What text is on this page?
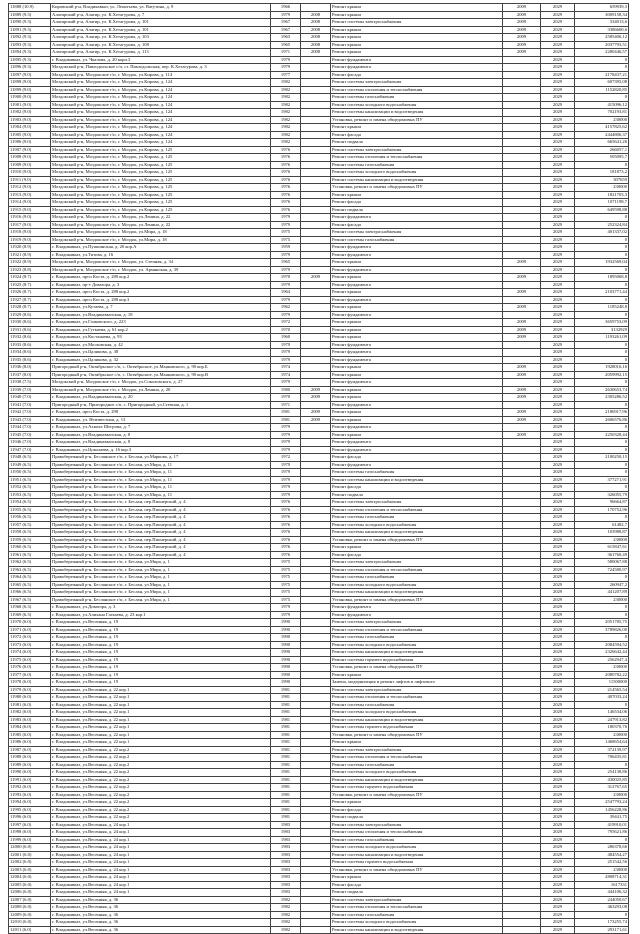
11888 (10.9)	Кировский р-н, Владикавказ, ул. Леонтьева, ул. Ватутина, д. 9	1966		Ремонт крыши	2009	2029	659939,3
11889 (9.3)	Алагирский р-н, Алагир, ул. К.Хетагурова, д. 7	1979	2008	Ремонт крыши	2009	2029	3009158,34
11890 (9.3)	Алагирский р-н, Алагир, ул. К.Хетагурова, д. 101	1967	2008	Ремонт системы электроснабжения	2009	2029	334013,6
11891 (9.3)	Алагирский р-н, Алагир, ул. К.Хетагурова, д. 101	1967	2008	Ремонт крыши	2009	2029	3386600,6
11892 (9.3)	Алагирский р-н, Алагир, ул. К.Хетагурова, д. 103	1963	2008	Ремонт крыши	2009	2029	2585406,12
11893 (9.3)	Алагирский р-н, Алагир, ул. К.Хетагурова, д. 108	1965	2008	Ремонт крыши	2009	2029	2037793,51
11894 (9.3)	Алагирский р-н, Алагир, ул. К.Хетагурова, д. 113	1971	2008	Ремонт крыши	2009	2029	2280446,57
11895 (9.3)	г. Владикавказ, ул. Чкалова, д. 20 корп.3	1979		Ремонт фундамента		2029	0
11896 (9.3)	Моздокский р-н, Павлодольское с/п, ст. Павлодольская, пер. К.Хетагурова, д. 3	1979		Ремонт фундамента		2029	0
11897 (9.0)	Моздокский р-н, Моздокское г/п, г. Моздок, ул.Кирова, д. 114	1977		Ремонт фасада		2029	2178437,21
11898 (9.0)	Моздокский р-н, Моздокское г/п, г. Моздок, ул.Кирова, д. 124	1982		Ремонт системы электроснабжения		2029	607395,08
11899 (9.0)	Моздокский р-н, Моздокское г/п, г. Моздок, ул.Кирова, д. 124	1982		Ремонт системы отопления и теплоснабжения		2029	1152820,85
11900 (9.0)	Моздокский р-н, Моздокское г/п, г. Моздок, ул.Кирова, д. 124	1982		Ремонт системы газоснабжения		2029	0
11901 (9.0)	Моздокский р-н, Моздокское г/п, г. Моздок, ул.Кирова, д. 124	1982		Ремонт системы холодного водоснабжения		2029	415096,12
11902 (9.0)	Моздокский р-н, Моздокское г/п, г. Моздок, ул.Кирова, д. 124	1982		Ремонт системы канализации и водоотведения		2029	702193,81
11903 (9.0)	Моздокский р-н, Моздокское г/п, г. Моздок, ул.Кирова, д. 124	1982		Установка, ремонт и замена общедомовых ПУ		2029	230000
11904 (9.0)	Моздокский р-н, Моздокское г/п, г. Моздок, ул.Кирова, д. 124	1982		Ремонт крыши		2029	4157825,62
11905 (9.0)	Моздокский р-н, Моздокское г/п, г. Моздок, ул.Кирова, д. 124	1982		Ремонт фасада		2029	2444806,37
11906 (9.0)	Моздокский р-н, Моздокское г/п, г. Моздок, ул.Кирова, д. 124	1982		Ремонт подвала		2029	665641,26
11907 (9.0)	Моздокский р-н, Моздокское г/п, г. Моздок, ул.Кирова, д. 125	1976		Ремонт системы электроснабжения		2029	266057,1
11908 (9.0)	Моздокский р-н, Моздокское г/п, г. Моздок, ул.Кирова, д. 125	1976		Ремонт системы отопления и теплоснабжения		2029	505095,7
11909 (9.0)	Моздокский р-н, Моздокское г/п, г. Моздок, ул.Кирова, д. 125	1976		Ремонт системы газоснабжения		2029	0
11910 (9.0)	Моздокский р-н, Моздокское г/п, г. Моздок, ул.Кирова, д. 125	1976		Ремонт системы холодного водоснабжения		2029	181873,2
11911 (9.0)	Моздокский р-н, Моздокское г/п, г. Моздок, ул.Кирова, д. 125	1976		Ремонт системы канализации и водоотведения		2029	307659
11912 (9.0)	Моздокский р-н, Моздокское г/п, г. Моздок, ул.Кирова, д. 125	1976		Установка, ремонт и замена общедомовых ПУ		2029	230000
11913 (9.0)	Моздокский р-н, Моздокское г/п, г. Моздок, ул.Кирова, д. 125	1976		Ремонт крыши		2029	1821703,3
11914 (9.0)	Моздокский р-н, Моздокское г/п, г. Моздок, ул.Кирова, д. 125	1976		Ремонт фасада		2029	1071198,7
11915 (9.0)	Моздокский р-н, Моздокское г/п, г. Моздок, ул.Кирова, д. 125	1976		Ремонт подвала		2029	649598,88
11916 (9.0)	Моздокский р-н, Моздокское г/п, г. Моздок, ул.Ленина, д. 22	1979		Ремонт фундамента		2029	0
11917 (9.0)	Моздокский р-н, Моздокское г/п, г. Моздок, ул.Ленина, д. 22	1979		Ремонт фасада		2029	252324,84
11918 (9.0)	Моздокский р-н, Моздокское г/п, г. Моздок, ул.Мира, д. 18	1975		Ремонт системы электроснабжения		2029	401337,02
11919 (9.0)	Моздокский р-н, Моздокское г/п, г. Моздок, ул.Мира, д. 18	1975		Ремонт системы газоснабжения		2029	0
11920 (8.9)	г. Владикавказ, ул.Пушкинская, д. 20 кор.А	1959		Ремонт фундамента		2029	0
11921 (8.9)	г. Владикавказ, ул.Титова, д. 16	1979		Ремонт фундамента		2029	0
11922 (8.9)	Моздокский р-н, Моздокское г/п, г. Моздок, ул. Степная, д. 34	1965		Ремонт крыши	2009	2029	1932569,04
11923 (8.8)	Моздокский р-н, Моздокское г/п, г. Моздок, ул. Армянская, д. 39	1979		Ремонт фундамента		2029	0
11924 (8.7)	г. Владикавказ, прсп Коста, д. 280 кор.2	1970	2009	Ремонт крыши	2009	2029	1895068,8
11925 (8.7)	г. Владикавказ, пр-т Доватора, д. 3	1979		Ремонт фундамента		2029	0
11926 (8.7)	г. Владикавказ, прсп Коста, д. 288 кор.2	1964		Ремонт крыши	2009	2029	2103771,44
11927 (8.7)	г. Владикавказ, прсп Коста, д. 288 кор.3	1979		Ремонт фундамента		2029	0
11928 (8.7)	г. Владикавказ, ул.Кутаева, д. 7	1962		Ремонт крыши	2009	2029	1185248,8
11929 (8.6)	г. Владикавказ, ул.Владикавказская, д. 18	1979		Ремонт фундамента		2029	0
11930 (8.6)	г. Владикавказ, ул.Галковского, д. 223	1972		Ремонт крыши	2009	2029	3659753,09
11931 (8.6)	г. Владикавказ, ул.Гугкаева, д. 61 кор.2	1970		Ремонт крыши	2009	2029	3132929
11932 (8.6)	г. Владикавказ, ул.Костанаева, д. 93	1960		Ремонт крыши	2009	2029	1193261,09
11933 (8.6)	г. Владикавказ, ул.Московская, д. 42	1979		Ремонт фундамента		2029	0
11934 (8.6)	г. Владикавказ, ул.Цаликова, д. 38	1979		Ремонт фундамента		2029	0
11935 (8.6)	г. Владикавказ, ул.Цаликова, д. 32	1979		Ремонт фундамента		2029	0
11936 (8.0)	Пригородный р-н, Октябрьское с/п, с. Октябрьское, ул.Маяковского, д. 90 кор.Б	1974		Ремонт крыши	2009	2029	1928016,16
11937 (8.0)	Пригородный р-н, Октябрьское с/п, с. Октябрьское, ул.Маяковского, д. 90 кор.В	1974		Ремонт крыши	2009	2029	2059992,15
11938 (7.5)	Моздокский р-н, Моздокское г/п, г. Моздок, ул.Соколовского, д. 27	1979		Ремонт фундамента		2029	0
11939 (7.0)	Моздокский р-н, Моздокское г/п, г. Моздок, ул.Ленина, д. 20	1980	2009	Ремонт крыши	2009	2029	2630653,74
11940 (7.0)	г. Владикавказ, ул.Владикавказская, д. 20	1970	2009	Ремонт крыши	2009	2029	2305286,52
11941 (7.0)	Пригородный р-н, Пригородное с/п, с. Пригородный, ул.Степная, д. 1	1971		Ремонт фундамента		2029	0
11942 (7.0)	г. Владикавказ, прсп Коста, д. 298	1981	2009	Ремонт крыши	2009	2029	2186917,96
11943 (7.0)	г. Владикавказ, ул. Неизвестная, д. 13	1981	2009	Ремонт крыши	2009	2029	2606576,86
11944 (7.0)	г. Владикавказ, ул.Ахмата Шегрова, д. 7	1979		Ремонт фундамента		2029	0
11945 (7.0)	г. Владикавказ, ул.Владикавказская, д. 8	1979		Ремонт крыши	2009	2029	2250328,44
11946 (7.0)	г. Владикавказ, ул.Владикавказская, д. 8	1979		Ремонт фундамента		2029	0
11947 (7.0)	г. Владикавказ, ул.Цоколаева, д. 16 кор.3	1979		Ремонт фундамента		2029	0
11948 (6.5)	Правобережный р-н, Бесланское г/п, г. Беслан, ул.Маркова, д. 17	1972		Ремонт фасада		2029	2100250,15
11949 (6.5)	Правобережный р-н, Бесланское г/п, г. Беслан, ул.Мира, д. 11	1979		Ремонт фундамента		2029	0
11950 (6.5)	Правобережный р-н, Бесланское г/п, г. Беслан, ул.Мира, д. 11	1979		Ремонт системы газоснабжения		2029	0
11951 (6.5)	Правобережный р-н, Бесланское г/п, г. Беслан, ул.Мира, д. 11	1979		Ремонт системы канализации и водоотведения		2029	377271,91
11952 (6.5)	Правобережный р-н, Бесланское г/п, г. Беслан, ул.Мира, д. 11	1979		Ремонт фасада		2029	0
11953 (6.5)	Правобережный р-н, Бесланское г/п, г. Беслан, ул.Мира, д. 11	1979		Ремонт подвала		2029	326055,79
11954 (6.5)	Правобережный р-н, Бесланское г/п, г. Беслан, пер.Пионерский, д. 4	1976		Ремонт системы электроснабжения		2029	96664,87
11955 (6.5)	Правобережный р-н, Бесланское г/п, г. Беслан, пер.Пионерский, д. 4	1976		Ремонт системы отопления и теплоснабжения		2029	170752,96
11956 (6.5)	Правобережный р-н, Бесланское г/п, г. Беслан, пер.Пионерский, д. 4	1976		Ремонт системы газоснабжения		2029	0
11957 (6.5)	Правобережный р-н, Бесланское г/п, г. Беслан, пер.Пионерский, д. 4	1976		Ремонт системы холодного водоснабжения		2029	61482,7
11958 (6.5)	Правобережный р-н, Бесланское г/п, г. Беслан, пер.Пионерский, д. 4	1976		Ремонт системы канализации и водоотведения		2029	103988,87
11959 (6.5)	Правобережный р-н, Бесланское г/п, г. Беслан, пер.Пионерский, д. 4	1976		Установка, ремонт и замена общедомовых ПУ		2029	230000
11960 (6.5)	Правобережный р-н, Бесланское г/п, г. Беслан, пер.Пионерский, д. 4	1976		Ремонт крыши		2029	615847,61
11961 (6.5)	Правобережный р-н, Бесланское г/п, г. Беслан, пер.Пионерский, д. 4	1976		Ремонт фасада		2029	361760,49
11962 (6.5)	Правобережный р-н, Бесланское г/п, г. Беслан, ул.Мира, д. 1	1975		Ремонт системы электроснабжения		2029	580067,88
11963 (6.5)	Правобережный р-н, Бесланское г/п, г. Беслан, ул.Мира, д. 1	1975		Ремонт системы отопления и теплоснабжения		2029	724580,97
11964 (6.5)	Правобережный р-н, Бесланское г/п, г. Беслан, ул.Мира, д. 1	1975		Ремонт системы газоснабжения		2029	0
11965 (6.5)	Правобережный р-н, Бесланское г/п, г. Беслан, ул.Мира, д. 1	1975		Ремонт системы холодного водоснабжения		2029	260947,2
11966 (6.5)	Правобережный р-н, Бесланское г/п, г. Беслан, ул.Мира, д. 1	1975		Ремонт системы канализации и водоотведения		2029	441207,89
11967 (6.5)	Правобережный р-н, Бесланское г/п, г. Беслан, ул.Мира, д. 1	1975		Установка, ремонт и замена общедомовых ПУ		2029	230000
11968 (6.3)	г. Владикавказ, ул.Доватора, д. 3	1979		Ремонт фундамента		2029	0
11969 (6.3)	г. Владикавказ, ул.Алихана Гагкаева, д. 23 кор.1	1979		Ремонт фундамента		2029	0
11970 (6.0)	г. Владикавказ, ул.Весенняя, д. 19	1990		Ремонт системы электроснабжения		2029	2051785,75
11971 (6.0)	г. Владикавказ, ул.Весенняя, д. 19	1990		Ремонт системы отопления и теплоснабжения		2029	3789826,00
11972 (6.0)	г. Владикавказ, ул.Весенняя, д. 19	1990		Ремонт системы газоснабжения		2029	0
11973 (6.0)	г. Владикавказ, ул.Весенняя, д. 19	1990		Ремонт системы холодного водоснабжения		2029	2084594,52
11974 (6.0)	г. Владикавказ, ул.Весенняя, д. 19	1990		Ремонт системы канализации и водоотведения		2029	2326642,44
11975 (6.0)	г. Владикавказ, ул.Весенняя, д. 19	1990		Ремонт системы горячего водоснабжения		2029	2562947,4
11976 (6.0)	г. Владикавказ, ул.Весенняя, д. 19	1990		Установка, ремонт и замена общедомовых ПУ		2029	230000
11977 (6.0)	г. Владикавказ, ул.Весенняя, д. 19	1990		Ремонт крыши		2029	2080782,22
11978 (6.0)	г. Владикавказ, ул.Весенняя, д. 19	1990		Замена, модернизация и ремонт лифтов и лифтового		2029	11500000
11979 (6.0)	г. Владикавказ, ул.Весенняя, д. 22 кор.1	1981		Ремонт системы электроснабжения		2029	214565,54
11980 (6.0)	г. Владикавказ, ул.Весенняя, д. 22 кор.1	1981		Ремонт системы отопления и теплоснабжения		2029	407033,24
11981 (6.0)	г. Владикавказ, ул.Весенняя, д. 22 кор.1	1981		Ремонт системы газоснабжения		2029	0
11982 (6.0)	г. Владикавказ, ул.Весенняя, д. 22 кор.1	1981		Ремонт системы холодного водоснабжения		2029	146534,06
11983 (6.0)	г. Владикавказ, ул.Весенняя, д. 22 кор.1	1981		Ремонт системы канализации и водоотведения		2029	247913,82
11984 (6.0)	г. Владикавказ, ул.Весенняя, д. 22 кор.1	1981		Ремонт системы горячего водоснабжения		2029	180370,76
11985 (6.0)	г. Владикавказ, ул.Весенняя, д. 22 кор.1	1981		Установка, ремонт и замена общедомовых ПУ		2029	230000
11986 (6.0)	г. Владикавказ, ул.Весенняя, д. 22 кор.1	1981		Ремонт крыши		2029	1468654,64
11987 (6.0)	г. Владикавказ, ул.Весенняя, д. 22 кор.2	1981		Ремонт системы электроснабжения		2029	372139,97
11988 (6.0)	г. Владикавказ, ул.Весенняя, д. 22 кор.2	1981		Ремонт системы отопления и теплоснабжения		2029	706435,81
11989 (6.0)	г. Владикавказ, ул.Весенняя, д. 22 кор.2	1981		Ремонт системы газоснабжения		2029	0
11990 (6.0)	г. Владикавказ, ул.Весенняя, д. 22 кор.2	1981		Ремонт системы холодного водоснабжения		2029	254138,86
11991 (6.0)	г. Владикавказ, ул.Весенняя, д. 22 кор.2	1981		Ремонт системы канализации и водоотведения		2029	430025,85
11992 (6.0)	г. Владикавказ, ул.Весенняя, д. 22 кор.2	1981		Ремонт системы горячего водоснабжения		2029	312767,65
11993 (6.0)	г. Владикавказ, ул.Весенняя, д. 22 кор.2	1981		Установка, ремонт и замена общедомовых ПУ		2029	230000
11994 (6.0)	г. Владикавказ, ул.Весенняя, д. 22 кор.2	1981		Ремонт крыши		2029	2547793,24
11995 (6.0)	г. Владикавказ, ул.Весенняя, д. 22 кор.2	1981		Ремонт фасада		2029	1456228,86
11996 (6.0)	г. Владикавказ, ул.Весенняя, д. 22 кор.2	1981		Ремонт подвала		2029	39441,75
11997 (6.0)	г. Владикавказ, ул.Весенняя, д. 24 кор.1	1983		Ремонт системы электроснабжения		2029	419910,01
11998 (6.0)	г. Владикавказ, ул.Весенняя, д. 24 кор.1	1983		Ремонт системы отопления и теплоснабжения		2029	795621,86
11999 (6.0)	г. Владикавказ, ул.Весенняя, д. 24 кор.1	1983		Ремонт системы газоснабжения		2029	0
12000 (6.0)	г. Владикавказ, ул.Весенняя, д. 24 кор.1	1983		Ремонт системы холодного водоснабжения		2029	286378,66
12001 (6.0)	г. Владикавказ, ул.Весенняя, д. 24 кор.1	1983		Ремонт системы канализации и водоотведения		2029	484554,27
12002 (6.0)	г. Владикавказ, ул.Весенняя, д. 24 кор.1	1983		Ремонт системы горячего водоснабжения		2029	251542,56
12003 (6.0)	г. Владикавказ, ул.Весенняя, д. 24 кор.1	1983		Установка, ремонт и замена общедомовых ПУ		2029	230000
12004 (6.0)	г. Владикавказ, ул.Весенняя, д. 24 кор.1	1983		Ремонт крыши		2029	2808714,31
12005 (6.0)	г. Владикавказ, ул.Весенняя, д. 24 кор.1	1983		Ремонт фасада		2029	1617331
12006 (6.0)	г. Владикавказ, ул.Весенняя, д. 24 кор.1	1983		Ремонт подвала		2029	444106,32
12007 (6.0)	г. Владикавказ, ул.Весенняя, д. 36	1982		Ремонт системы электроснабжения		2029	244050,67
12008 (6.0)	г. Владикавказ, ул.Весенняя, д. 36	1982		Ремонт системы отопления и теплоснабжения		2029	463293,08
12009 (6.0)	г. Владикавказ, ул.Весенняя, д. 36	1982		Ремонт системы газоснабжения		2029	0
12010 (6.0)	г. Владикавказ, ул.Весенняя, д. 36	1982		Ремонт системы холодного водоснабжения		2029	173255,74
12011 (6.0)	г. Владикавказ, ул.Весенняя, д. 36	1982		Ремонт системы канализации и водоотведения		2029	293171,61
